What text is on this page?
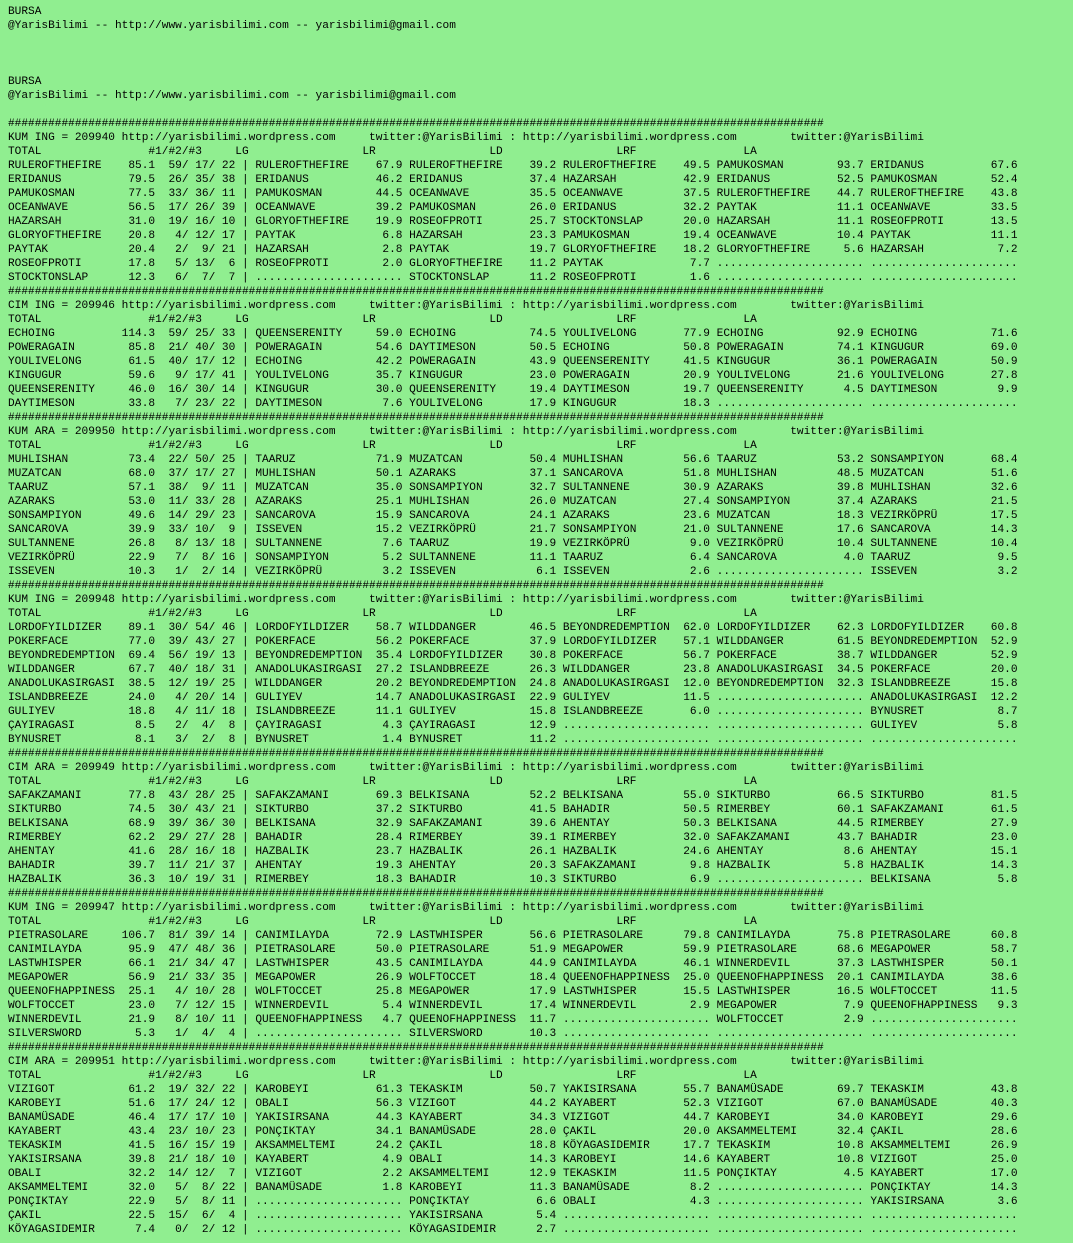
BURSA
@YarisBilimi -- http://www.yarisbilimi.com -- yarisbilimi@gmail.com

BURSA
@YarisBilimi -- http://www.yarisbilimi.com -- yarisbilimi@gmail.com

##########################################################################################################################
KUM ING = 209940 http://yarisbilimi.wordpress.com     twitter:@YarisBilimi : http://yarisbilimi.wordpress.com        twitter:@YarisBilimi
TOTAL                #1/#2/#3     LG                 LR                 LD                 LRF                LA
RULEROFTHEFIRE    85.1  59/ 17/ 22 | RULEROFTHEFIRE    67.9 RULEROFTHEFIRE    39.2 RULEROFTHEFIRE    49.5 PAMUKOSMAN        93.7 ERIDANUS          67.6
ERIDANUS          79.5  26/ 35/ 38 | ERIDANUS          46.2 ERIDANUS          37.4 HAZARSAH          42.9 ERIDANUS          52.5 PAMUKOSMAN        52.4
PAMUKOSMAN        77.5  33/ 36/ 11 | PAMUKOSMAN        44.5 OCEANWAVE         35.5 OCEANWAVE         37.5 RULEROFTHEFIRE    44.7 RULEROFTHEFIRE    43.8
OCEANWAVE         56.5  17/ 26/ 39 | OCEANWAVE         39.2 PAMUKOSMAN        26.0 ERIDANUS          32.2 PAYTAK            11.1 OCEANWAVE         33.5
HAZARSAH          31.0  19/ 16/ 10 | GLORYOFTHEFIRE    19.9 ROSEOFPROTI       25.7 STOCKTONSLAP      20.0 HAZARSAH          11.1 ROSEOFPROTI       13.5
GLORYOFTHEFIRE    20.8   4/ 12/ 17 | PAYTAK             6.8 HAZARSAH          23.3 PAMUKOSMAN        19.4 OCEANWAVE         10.4 PAYTAK            11.1
PAYTAK            20.4   2/  9/ 21 | HAZARSAH           2.8 PAYTAK            19.7 GLORYOFTHEFIRE    18.2 GLORYOFTHEFIRE     5.6 HAZARSAH           7.2
ROSEOFPROTI       17.8   5/ 13/  6 | ROSEOFPROTI        2.0 GLORYOFTHEFIRE    11.2 PAYTAK             7.7 ...................... ......................
STOCKTONSLAP      12.3   6/  7/  7 | ...................... STOCKTONSLAP      11.2 ROSEOFPROTI        1.6 ...................... ......................
##########################################################################################################################
CIM ING = 209946 http://yarisbilimi.wordpress.com     twitter:@YarisBilimi : http://yarisbilimi.wordpress.com        twitter:@YarisBilimi
TOTAL                #1/#2/#3     LG                 LR                 LD                 LRF                LA
ECHOING          114.3  59/ 25/ 33 | QUEENSERENITY     59.0 ECHOING           74.5 YOULIVELONG       77.9 ECHOING           92.9 ECHOING           71.6
POWERAGAIN        85.8  21/ 40/ 30 | POWERAGAIN        54.6 DAYTIMESON        50.5 ECHOING           50.8 POWERAGAIN        74.1 KINGUGUR          69.0
YOULIVELONG       61.5  40/ 17/ 12 | ECHOING           42.2 POWERAGAIN        43.9 QUEENSERENITY     41.5 KINGUGUR          36.1 POWERAGAIN        50.9
KINGUGUR          59.6   9/ 17/ 41 | YOULIVELONG       35.7 KINGUGUR          23.0 POWERAGAIN        20.9 YOULIVELONG       21.6 YOULIVELONG       27.8
QUEENSERENITY     46.0  16/ 30/ 14 | KINGUGUR          30.0 QUEENSERENITY     19.4 DAYTIMESON        19.7 QUEENSERENITY      4.5 DAYTIMESON         9.9
DAYTIMESON        33.8   7/ 23/ 22 | DAYTIMESON         7.6 YOULIVELONG       17.9 KINGUGUR          18.3 ...................... ......................
##########################################################################################################################
KUM ARA = 209950 http://yarisbilimi.wordpress.com     twitter:@YarisBilimi : http://yarisbilimi.wordpress.com        twitter:@YarisBilimi
TOTAL                #1/#2/#3     LG                 LR                 LD                 LRF                LA
MUHLISHAN         73.4  22/ 50/ 25 | TAARUZ            71.9 MUZATCAN          50.4 MUHLISHAN         56.6 TAARUZ            53.2 SONSAMPIYON       68.4
MUZATCAN          68.0  37/ 17/ 27 | MUHLISHAN         50.1 AZARAKS           37.1 SANCAROVA         51.8 MUHLISHAN         48.5 MUZATCAN          51.6
TAARUZ            57.1  38/  9/ 11 | MUZATCAN          35.0 SONSAMPIYON       32.7 SULTANNENE        30.9 AZARAKS           39.8 MUHLISHAN         32.6
AZARAKS           53.0  11/ 33/ 28 | AZARAKS           25.1 MUHLISHAN         26.0 MUZATCAN          27.4 SONSAMPIYON       37.4 AZARAKS           21.5
SONSAMPIYON       49.6  14/ 29/ 23 | SANCAROVA         15.9 SANCAROVA         24.1 AZARAKS           23.6 MUZATCAN          18.3 VEZIRKÖPRÜ        17.5
SANCAROVA         39.9  33/ 10/  9 | ISSEVEN           15.2 VEZIRKÖPRÜ        21.7 SONSAMPIYON       21.0 SULTANNENE        17.6 SANCAROVA         14.3
SULTANNENE        26.8   8/ 13/ 18 | SULTANNENE         7.6 TAARUZ            19.9 VEZIRKÖPRÜ         9.0 VEZIRKÖPRÜ        10.4 SULTANNENE        10.4
VEZIRKÖPRÜ        22.9   7/  8/ 16 | SONSAMPIYON        5.2 SULTANNENE        11.1 TAARUZ             6.4 SANCAROVA          4.0 TAARUZ             9.5
ISSEVEN           10.3   1/  2/ 14 | VEZIRKÖPRÜ         3.2 ISSEVEN            6.1 ISSEVEN            2.6 ...................... ISSEVEN            3.2
##########################################################################################################################
KUM ING = 209948 http://yarisbilimi.wordpress.com     twitter:@YarisBilimi : http://yarisbilimi.wordpress.com        twitter:@YarisBilimi
TOTAL                #1/#2/#3     LG                 LR                 LD                 LRF                LA
LORDOFYILDIZER    89.1  30/ 54/ 46 | LORDOFYILDIZER    58.7 WILDDANGER        46.5 BEYONDREDEMPTION  62.0 LORDOFYILDIZER    62.3 LORDOFYILDIZER    60.8
POKERFACE         77.0  39/ 43/ 27 | POKERFACE         56.2 POKERFACE         37.9 LORDOFYILDIZER    57.1 WILDDANGER        61.5 BEYONDREDEMPTION  52.9
BEYONDREDEMPTION  69.4  56/ 19/ 13 | BEYONDREDEMPTION  35.4 LORDOFYILDIZER    30.8 POKERFACE         56.7 POKERFACE         38.7 WILDDANGER        52.9
WILDDANGER        67.7  40/ 18/ 31 | ANADOLUKASIRGASI  27.2 ISLANDBREEZE      26.3 WILDDANGER        23.8 ANADOLUKASIRGASI  34.5 POKERFACE         20.0
ANADOLUKASIRGASI  38.5  12/ 19/ 25 | WILDDANGER        20.2 BEYONDREDEMPTION  24.8 ANADOLUKASIRGASI  12.0 BEYONDREDEMPTION  32.3 ISLANDBREEZE      15.8
ISLANDBREEZE      24.0   4/ 20/ 14 | GULIYEV           14.7 ANADOLUKASIRGASI  22.9 GULIYEV           11.5 ...................... ANADOLUKASIRGASI  12.2
GULIYEV           18.8   4/ 11/ 18 | ISLANDBREEZE      11.1 GULIYEV           15.8 ISLANDBREEZE       6.0 ...................... BYNUSRET           8.7
ÇAYIRAGASI         8.5   2/  4/  8 | ÇAYIRAGASI         4.3 ÇAYIRAGASI        12.9 ...................... ...................... GULIYEV            5.8
BYNUSRET           8.1   3/  2/  8 | BYNUSRET           1.4 BYNUSRET          11.2 ...................... ...................... ......................
##########################################################################################################################
CIM ARA = 209949 http://yarisbilimi.wordpress.com     twitter:@YarisBilimi : http://yarisbilimi.wordpress.com        twitter:@YarisBilimi
TOTAL                #1/#2/#3     LG                 LR                 LD                 LRF                LA
SAFAKZAMANI       77.8  43/ 28/ 25 | SAFAKZAMANI       69.3 BELKISANA         52.2 BELKISANA         55.0 SIKTURBO          66.5 SIKTURBO          81.5
SIKTURBO          74.5  30/ 43/ 21 | SIKTURBO          37.2 SIKTURBO          41.5 BAHADIR           50.5 RIMERBEY          60.1 SAFAKZAMANI       61.5
BELKISANA         68.9  39/ 36/ 30 | BELKISANA         32.9 SAFAKZAMANI       39.6 AHENTAY           50.3 BELKISANA         44.5 RIMERBEY          27.9
RIMERBEY          62.2  29/ 27/ 28 | BAHADIR           28.4 RIMERBEY          39.1 RIMERBEY          32.0 SAFAKZAMANI       43.7 BAHADIR           23.0
AHENTAY           41.6  28/ 16/ 18 | HAZBALIK          23.7 HAZBALIK          26.1 HAZBALIK          24.6 AHENTAY            8.6 AHENTAY           15.1
BAHADIR           39.7  11/ 21/ 37 | AHENTAY           19.3 AHENTAY           20.3 SAFAKZAMANI        9.8 HAZBALIK           5.8 HAZBALIK          14.3
HAZBALIK          36.3  10/ 19/ 31 | RIMERBEY          18.3 BAHADIR           10.3 SIKTURBO           6.9 ...................... BELKISANA          5.8
##########################################################################################################################
KUM ING = 209947 http://yarisbilimi.wordpress.com     twitter:@YarisBilimi : http://yarisbilimi.wordpress.com        twitter:@YarisBilimi
TOTAL                #1/#2/#3     LG                 LR                 LD                 LRF                LA
PIETRASOLARE     106.7  81/ 39/ 14 | CANIMILAYDA       72.9 LASTWHISPER       56.6 PIETRASOLARE      79.8 CANIMILAYDA       75.8 PIETRASOLARE      60.8
CANIMILAYDA       95.9  47/ 48/ 36 | PIETRASOLARE      50.0 PIETRASOLARE      51.9 MEGAPOWER         59.9 PIETRASOLARE      68.6 MEGAPOWER         58.7
LASTWHISPER       66.1  21/ 34/ 47 | LASTWHISPER       43.5 CANIMILAYDA       44.9 CANIMILAYDA       46.1 WINNERDEVIL       37.3 LASTWHISPER       50.1
MEGAPOWER         56.9  21/ 33/ 35 | MEGAPOWER         26.9 WOLFTOCCET        18.4 QUEENOFHAPPINESS  25.0 QUEENOFHAPPINESS  20.1 CANIMILAYDA       38.6
QUEENOFHAPPINESS  25.1   4/ 10/ 28 | WOLFTOCCET        25.8 MEGAPOWER         17.9 LASTWHISPER       15.5 LASTWHISPER       16.5 WOLFTOCCET        11.5
WOLFTOCCET        23.0   7/ 12/ 15 | WINNERDEVIL        5.4 WINNERDEVIL       17.4 WINNERDEVIL        2.9 MEGAPOWER          7.9 QUEENOFHAPPINESS   9.3
WINNERDEVIL       21.9   8/ 10/ 11 | QUEENOFHAPPINESS   4.7 QUEENOFHAPPINESS  11.7 ...................... WOLFTOCCET         2.9 ......................
SILVERSWORD        5.3   1/  4/  4 | ...................... SILVERSWORD       10.3 ...................... ...................... ......................
##########################################################################################################################
CIM ARA = 209951 http://yarisbilimi.wordpress.com     twitter:@YarisBilimi : http://yarisbilimi.wordpress.com        twitter:@YarisBilimi
TOTAL                #1/#2/#3     LG                 LR                 LD                 LRF                LA
VIZIGOT           61.2  19/ 32/ 22 | KAROBEYI          61.3 TEKASKIM          50.7 YAKISIRSANA       55.7 BANAMÜSADE        69.7 TEKASKIM          43.8
KAROBEYI          51.6  17/ 24/ 12 | OBALI             56.3 VIZIGOT           44.2 KAYABERT          52.3 VIZIGOT           67.0 BANAMÜSADE        40.3
BANAMÜSADE        46.4  17/ 17/ 10 | YAKISIRSANA       44.3 KAYABERT          34.3 VIZIGOT           44.7 KAROBEYI          34.0 KAROBEYI          29.6
KAYABERT          43.4  23/ 10/ 23 | PONÇIKTAY         34.1 BANAMÜSADE        28.0 ÇAKIL             20.0 AKSAMMELTEMI      32.4 ÇAKIL             28.6
TEKASKIM          41.5  16/ 15/ 19 | AKSAMMELTEMI      24.2 ÇAKIL             18.8 KÖYAGASIDEMIR     17.7 TEKASKIM          10.8 AKSAMMELTEMI      26.9
YAKISIRSANA       39.8  21/ 18/ 10 | KAYABERT           4.9 OBALI             14.3 KAROBEYI          14.6 KAYABERT          10.8 VIZIGOT           25.0
OBALI             32.2  14/ 12/  7 | VIZIGOT            2.2 AKSAMMELTEMI      12.9 TEKASKIM          11.5 PONÇIKTAY          4.5 KAYABERT          17.0
AKSAMMELTEMI      32.0   5/  8/ 22 | BANAMÜSADE         1.8 KAROBEYI          11.3 BANAMÜSADE         8.2 ...................... PONÇIKTAY         14.3
PONÇIKTAY         22.9   5/  8/ 11 | ...................... PONÇIKTAY          6.6 OBALI              4.3 ...................... YAKISIRSANA        3.6
ÇAKIL             22.5  15/  6/  4 | ...................... YAKISIRSANA        5.4 ...................... ...................... ......................
KÖYAGASIDEMIR      7.4   0/  2/ 12 | ...................... KÖYAGASIDEMIR      2.7 ...................... ...................... ......................
